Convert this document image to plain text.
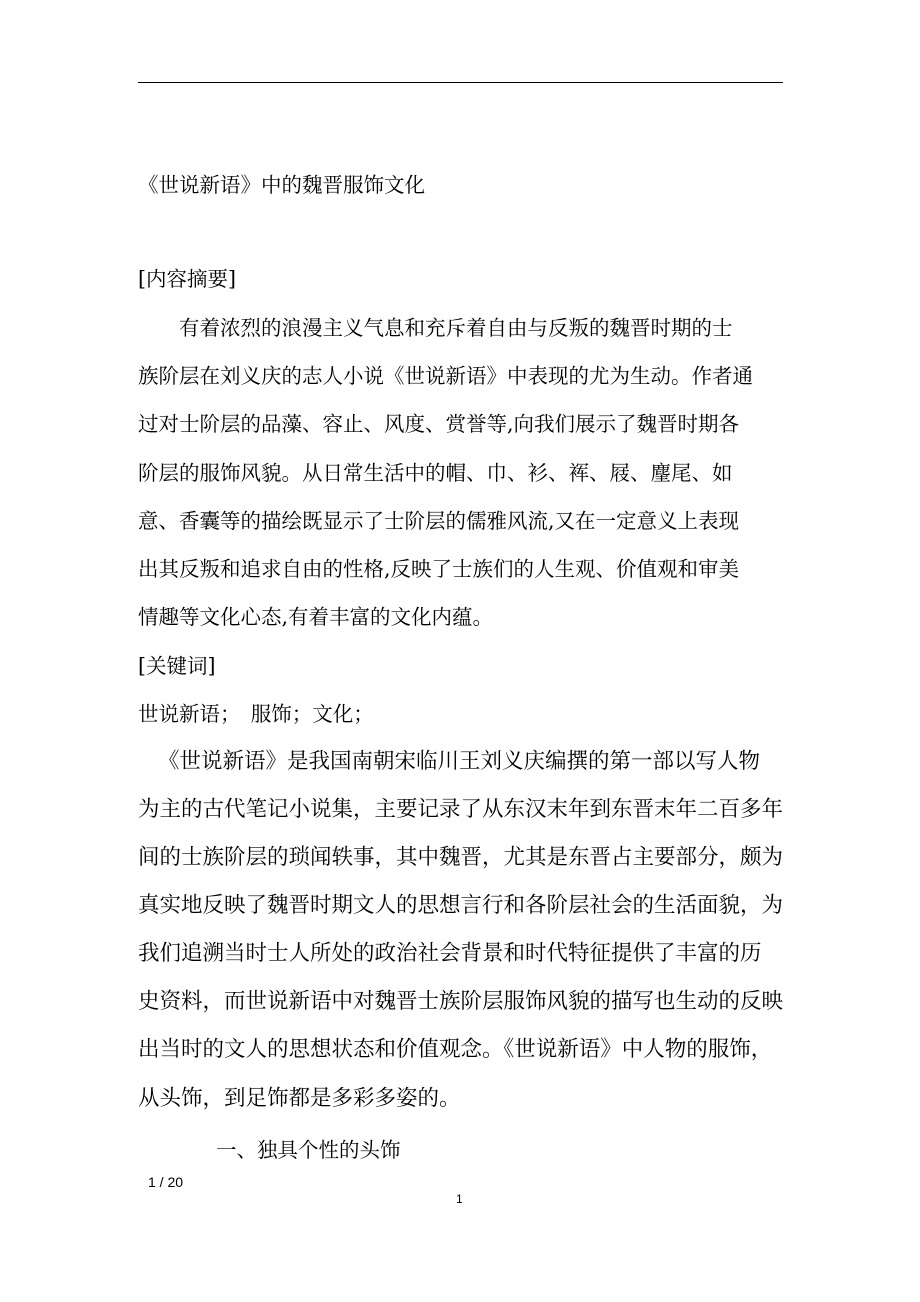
《世说新语》中的魏晋服饰文化
[内容摘要]
　　有着浓烈的浪漫主义气息和充斥着自由与反叛的魏晋时期的士
族阶层在刘义庆的志人小说《世说新语》中表现的尤为生动。作者通
过对士阶层的品藻、容止、风度、赏誉等,向我们展示了魏晋时期各
阶层的服饰风貌。从日常生活中的帽、巾、衫、裈、屐、麈尾、如
意、香囊等的描绘既显示了士阶层的儒雅风流,又在一定意义上表现
出其反叛和追求自由的性格,反映了士族们的人生观、价值观和审美
情趣等文化心态,有着丰富的文化内蕴。
[关键词]
世说新语；　服饰；文化；
《世说新语》是我国南朝宋临川王刘义庆编撰的第一部以写人物
为主的古代笔记小说集，主要记录了从东汉末年到东晋末年二百多年
间的士族阶层的琐闻轶事，其中魏晋，尤其是东晋占主要部分，颇为
真实地反映了魏晋时期文人的思想言行和各阶层社会的生活面貌，为
我们追溯当时士人所处的政治社会背景和时代特征提供了丰富的历
史资料，而世说新语中对魏晋士族阶层服饰风貌的描写也生动的反映
出当时的文人的思想状态和价值观念。《世说新语》中人物的服饰，
从头饰，到足饰都是多彩多姿的。
一、独具个性的头饰
1 / 20
1
